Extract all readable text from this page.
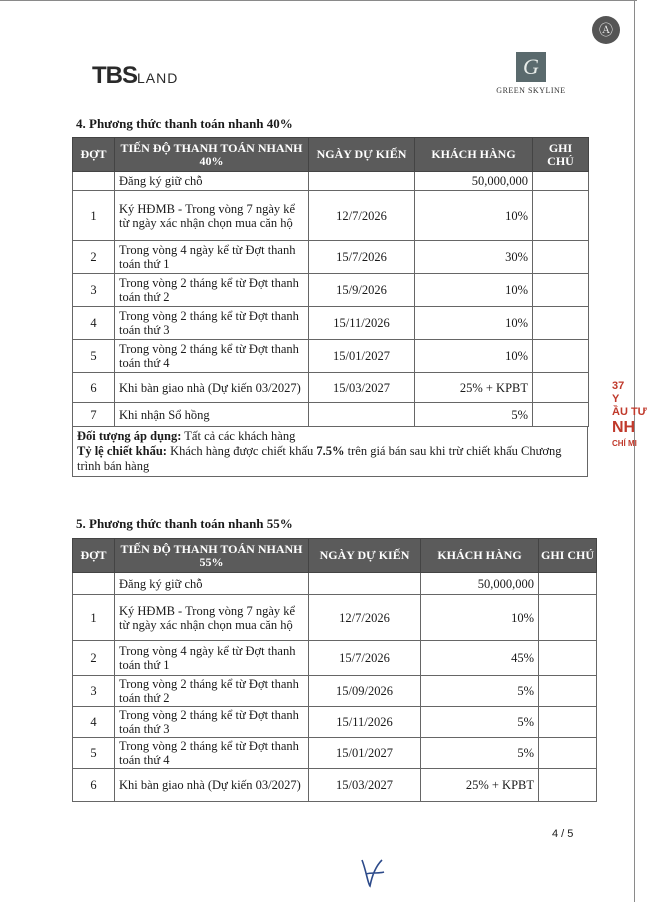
Ⓐ
TBSLAND	G
GREEN SKYLINE
4. Phương thức thanh toán nhanh 40%
ĐỢT	TIẾN ĐỘ THANH TOÁN NHANH 40%	NGÀY DỰ KIẾN	KHÁCH HÀNG	GHI CHÚ
	Đăng ký giữ chỗ		50,000,000	
1	Ký HĐMB - Trong vòng 7 ngày kể từ ngày xác nhận chọn mua căn hộ	12/7/2026	10%	
2	Trong vòng 4 ngày kể từ Đợt thanh toán thứ 1	15/7/2026	30%	
3	Trong vòng 2 tháng kể từ Đợt thanh toán thứ 2	15/9/2026	10%	
4	Trong vòng 2 tháng kể từ Đợt thanh toán thứ 3	15/11/2026	10%	
5	Trong vòng 2 tháng kể từ Đợt thanh toán thứ 4	15/01/2027	10%	
6	Khi bàn giao nhà (Dự kiến 03/2027)	15/03/2027	25% + KPBT	
7	Khi nhận Sổ hồng		5%	
Đối tượng áp dụng: Tất cả các khách hàng
Tỷ lệ chiết khấu: Khách hàng được chiết khấu 7.5% trên giá bán sau khi trừ chiết khấu Chương trình bán hàng
5. Phương thức thanh toán nhanh 55%
ĐỢT	TIẾN ĐỘ THANH TOÁN NHANH 55%	NGÀY DỰ KIẾN	KHÁCH HÀNG	GHI CHÚ
	Đăng ký giữ chỗ		50,000,000	
1	Ký HĐMB - Trong vòng 7 ngày kể từ ngày xác nhận chọn mua căn hộ	12/7/2026	10%	
2	Trong vòng 4 ngày kể từ Đợt thanh toán thứ 1	15/7/2026	45%	
3	Trong vòng 2 tháng kể từ Đợt thanh toán thứ 2	15/09/2026	5%	
4	Trong vòng 2 tháng kể từ Đợt thanh toán thứ 3	15/11/2026	5%	
5	Trong vòng 2 tháng kể từ Đợt thanh toán thứ 4	15/01/2027	5%	
6	Khi bàn giao nhà (Dự kiến 03/2027)	15/03/2027	25% + KPBT	
37
Y
ẦU TƯ
NH
CHÍ MI
4 / 5
